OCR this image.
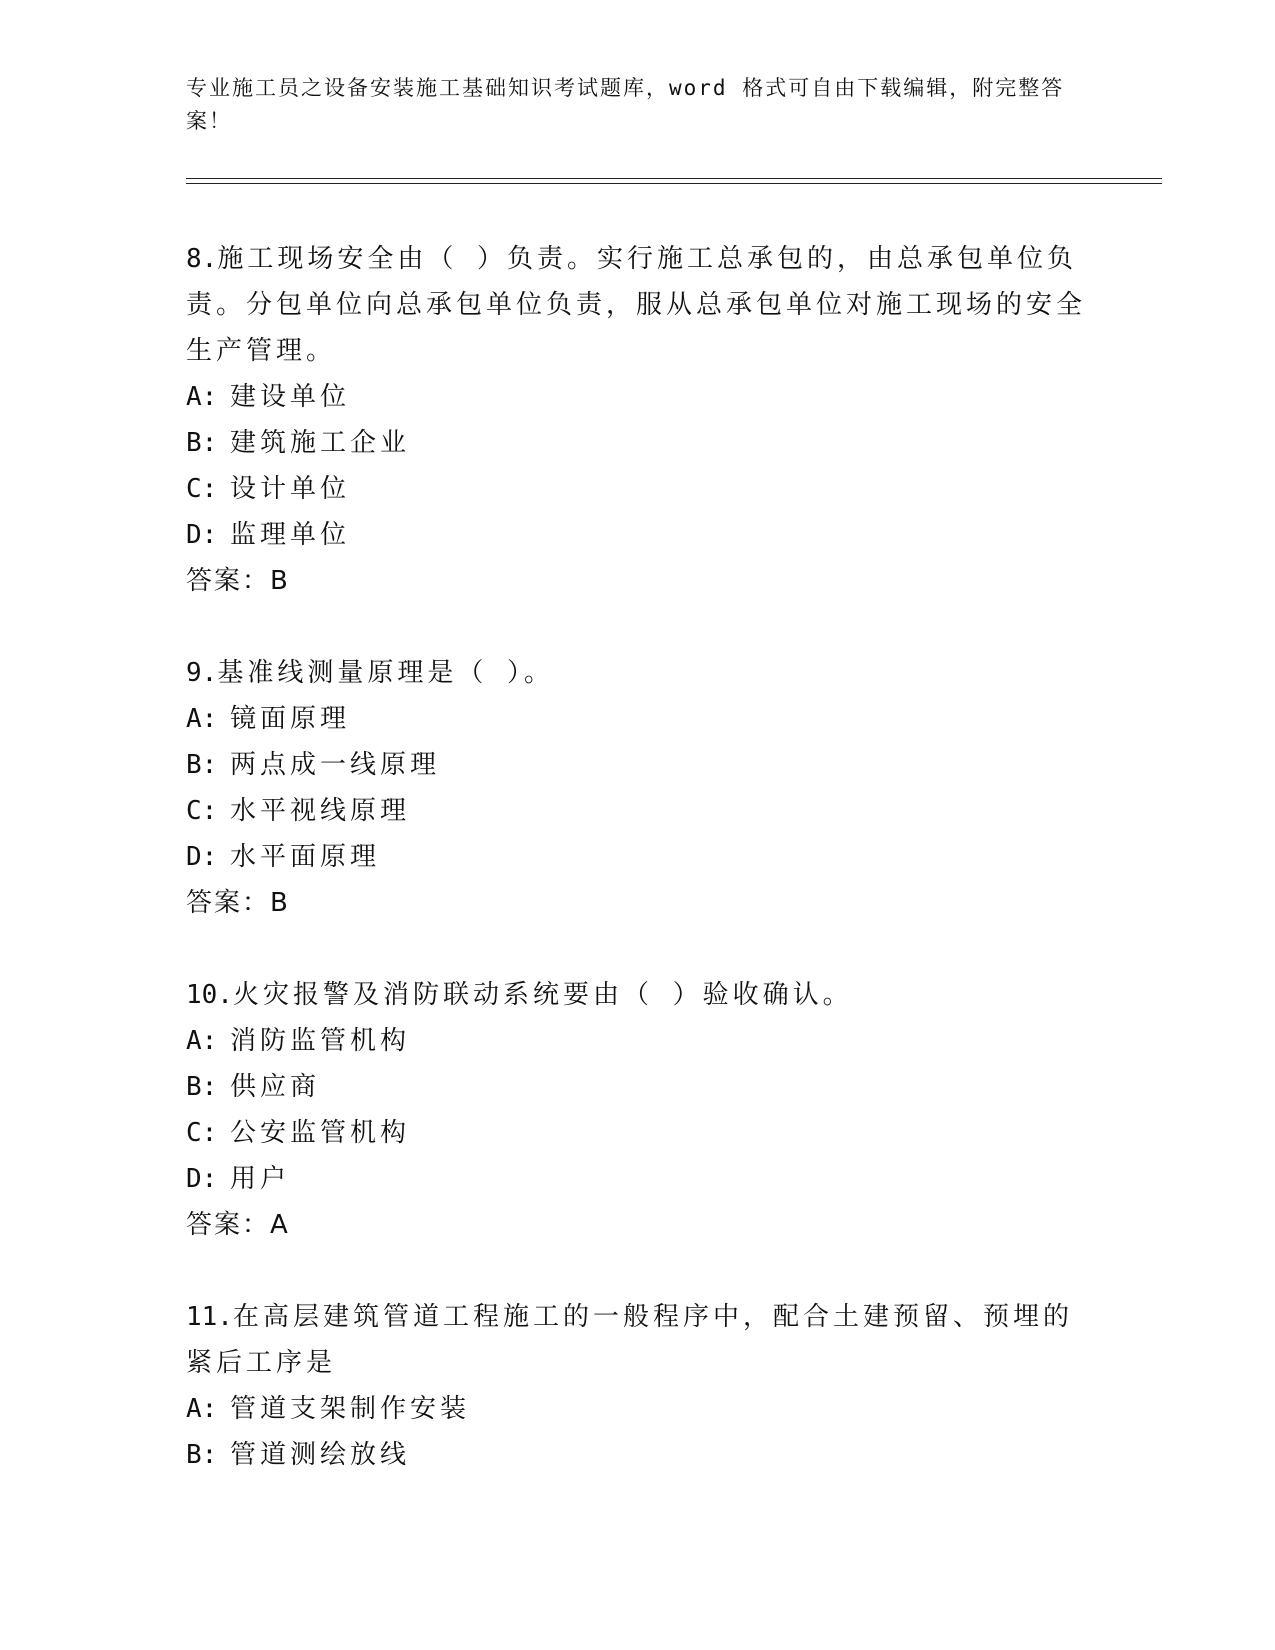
专业施工员之设备安装施工基础知识考试题库，word 格式可自由下载编辑，附完整答案！
8.施工现场安全由（ ）负责。实行施工总承包的，由总承包单位负责。分包单位向总承包单位负责，服从总承包单位对施工现场的安全生产管理。
A: 建设单位
B: 建筑施工企业
C: 设计单位
D: 监理单位
答案：B
9.基准线测量原理是（ ）。
A: 镜面原理
B: 两点成一线原理
C: 水平视线原理
D: 水平面原理
答案：B
10.火灾报警及消防联动系统要由（ ）验收确认。
A: 消防监管机构
B: 供应商
C: 公安监管机构
D: 用户
答案：A
11.在高层建筑管道工程施工的一般程序中，配合土建预留、预埋的紧后工序是
A: 管道支架制作安装
B: 管道测绘放线
